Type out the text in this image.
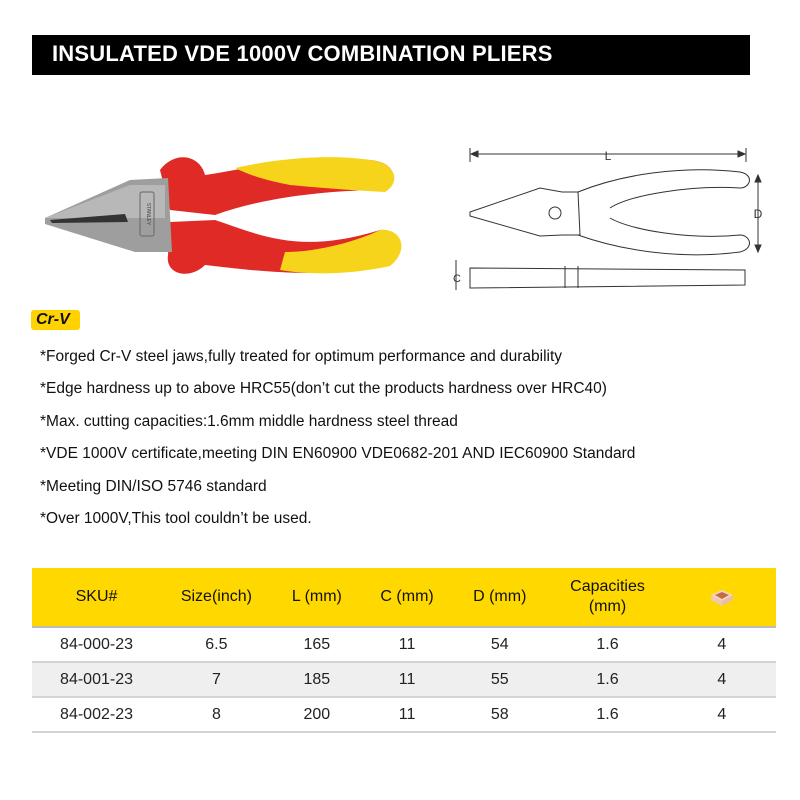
INSULATED VDE 1000V COMBINATION PLIERS
STANLEY
L
D
C
Cr-V
*Forged Cr-V steel jaws,fully treated for optimum performance and durability
*Edge hardness up to above HRC55(don’t cut the products hardness over HRC40)
*Max. cutting capacities:1.6mm middle hardness steel thread
*VDE 1000V certificate,meeting DIN EN60900 VDE0682-201 AND IEC60900 Standard
*Meeting DIN/ISO 5746 standard
*Over 1000V,This tool couldn’t be used.
SKU#	Size(inch)	L (mm)	C (mm)	D (mm)	Capacities
(mm)

84-000-23	6.5	165	11	54	1.6	4
84-001-23	7	185	11	55	1.6	4
84-002-23	8	200	11	58	1.6	4
